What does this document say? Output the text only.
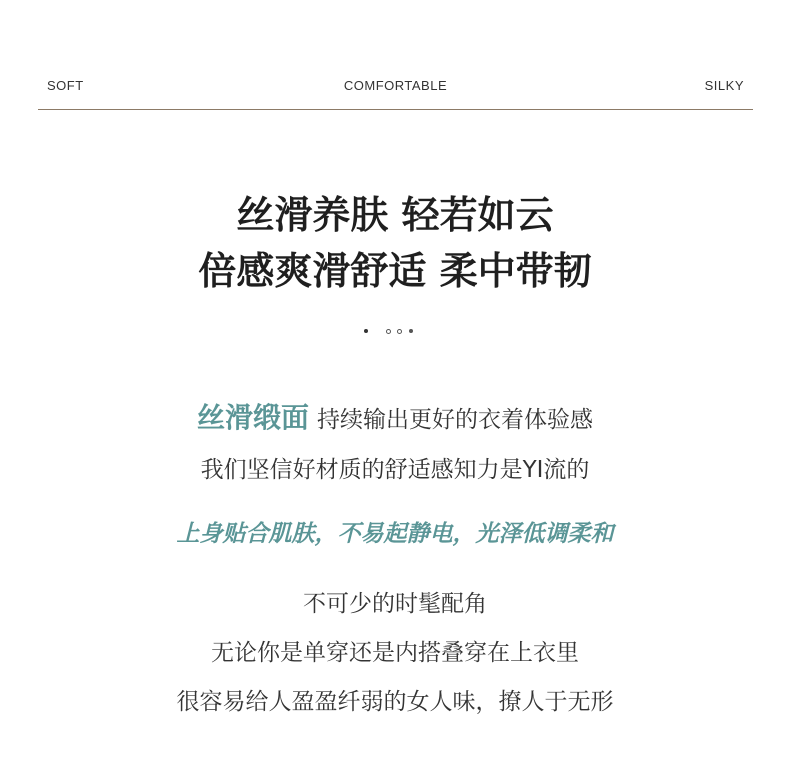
SOFT	COMFORTABLE	SILKY
丝滑养肤 轻若如云
倍感爽滑舒适 柔中带韧
丝滑缎面 持续输出更好的衣着体验感
我们坚信好材质的舒适感知力是YI流的
上身贴合肌肤，不易起静电，光泽低调柔和
不可少的时髦配角
无论你是单穿还是内搭叠穿在上衣里
很容易给人盈盈纤弱的女人味，撩人于无形
